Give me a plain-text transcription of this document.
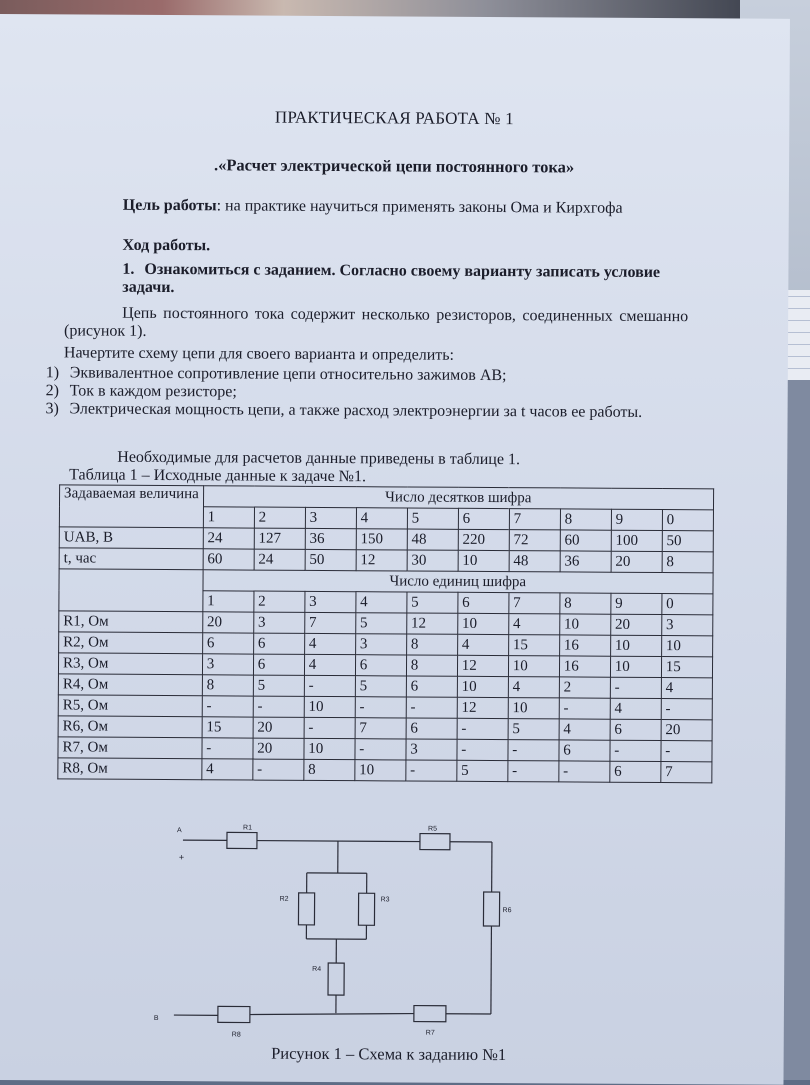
ПРАКТИЧЕСКАЯ РАБОТА № 1
.«Расчет электрической цепи постоянного тока»
Цель работы: на практике научиться применять законы Ома и Кирхгофа
Ход работы.
1. Ознакомиться с заданием. Согласно своему варианту записать условие задачи.
Цепь постоянного тока содержит несколько резисторов, соединенных смешанно (рисунок 1).
Начертите схему цепи для своего варианта и определить:
1) Эквивалентное сопротивление цепи относительно зажимов АВ;
2) Ток в каждом резисторе;
3) Электрическая мощность цепи, а также расход электроэнергии за t часов ее работы.
Необходимые для расчетов данные приведены в таблице 1.
Таблица 1 – Исходные данные к задаче №1.
Задаваемая величина	Число десятков шифра									
	1	2	3	4	5	6	7	8	9	0
UAB, В	24	127	36	150	48	220	72	60	100	50
t, час	60	24	50	12	30	10	48	36	20	8
	Число единиц шифра									
	1	2	3	4	5	6	7	8	9	0
R1, Ом	20	3	7	5	12	10	4	10	20	3
R2, Ом	6	6	4	3	8	4	15	16	10	10
R3, Ом	3	6	4	6	8	12	10	16	10	15
R4, Ом	8	5	-	5	6	10	4	2	-	4
R5, Ом	-	-	10	-	-	12	10	-	4	-
R6, Ом	15	20	-	7	6	-	5	4	6	20
R7, Ом	-	20	10	-	3	-	-	6	-	-
R8, Ом	4	-	8	10	-	5	-	-	6	7
A
+
B
R1
R2	R3
R4
R5
R6
R7
R8
Рисунок 1 – Схема к заданию №1
